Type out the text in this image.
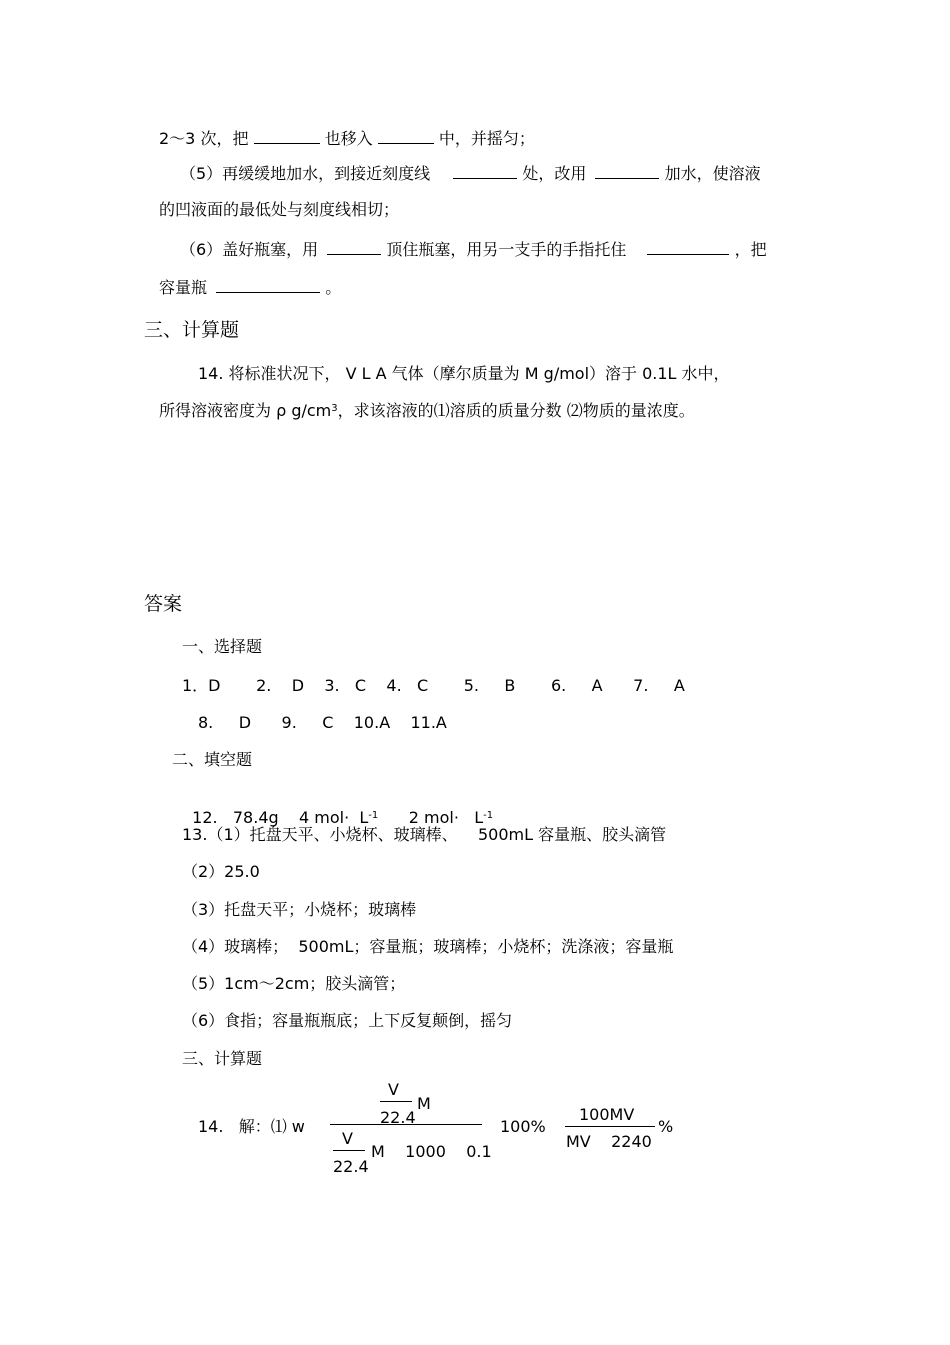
2～3 次，把	也移入	中，并摇匀；
（5）再缓缓地加水，到接近刻度线	处，改用	加水，使溶液
的凹液面的最低处与刻度线相切；
（6）盖好瓶塞，用	顶住瓶塞，用另一支手的手指托住	，把
容量瓶	。
三、计算题
14. 将标准状况下， V L A 气体（摩尔质量为 M g/mol）溶于 0.1L 水中，
所得溶液密度为 ρ $g/cm^3$，求该溶液的⑴溶质的质量分数 ⑵物质的量浓度。
答案
一、选择题
1．D       2.    D    3.   C    4.   C       5.     B       6.     A      7.     A
8.     D      9.     C    10.A    11.A
二、填空题

12.   78.4g    4 $mol\cdot L^{-1}$      2 $mol\cdot L^{-1}$

13.（1）托盘天平、小烧杯、玻璃棒、    500mL 容量瓶、胶头滴管
（2）25.0
（3）托盘天平；小烧杯；玻璃棒
（4）玻璃棒；  500mL；容量瓶；玻璃棒；小烧杯；洗涤液；容量瓶
（5）1cm～2cm；胶头滴管；
（6）食指；容量瓶瓶底；上下反复颠倒，摇匀
三、计算题
14.   解：⑴ w
V
22.4
M
V
22.4
M    1000    0.1
100%
100MV
MV    2240
%
